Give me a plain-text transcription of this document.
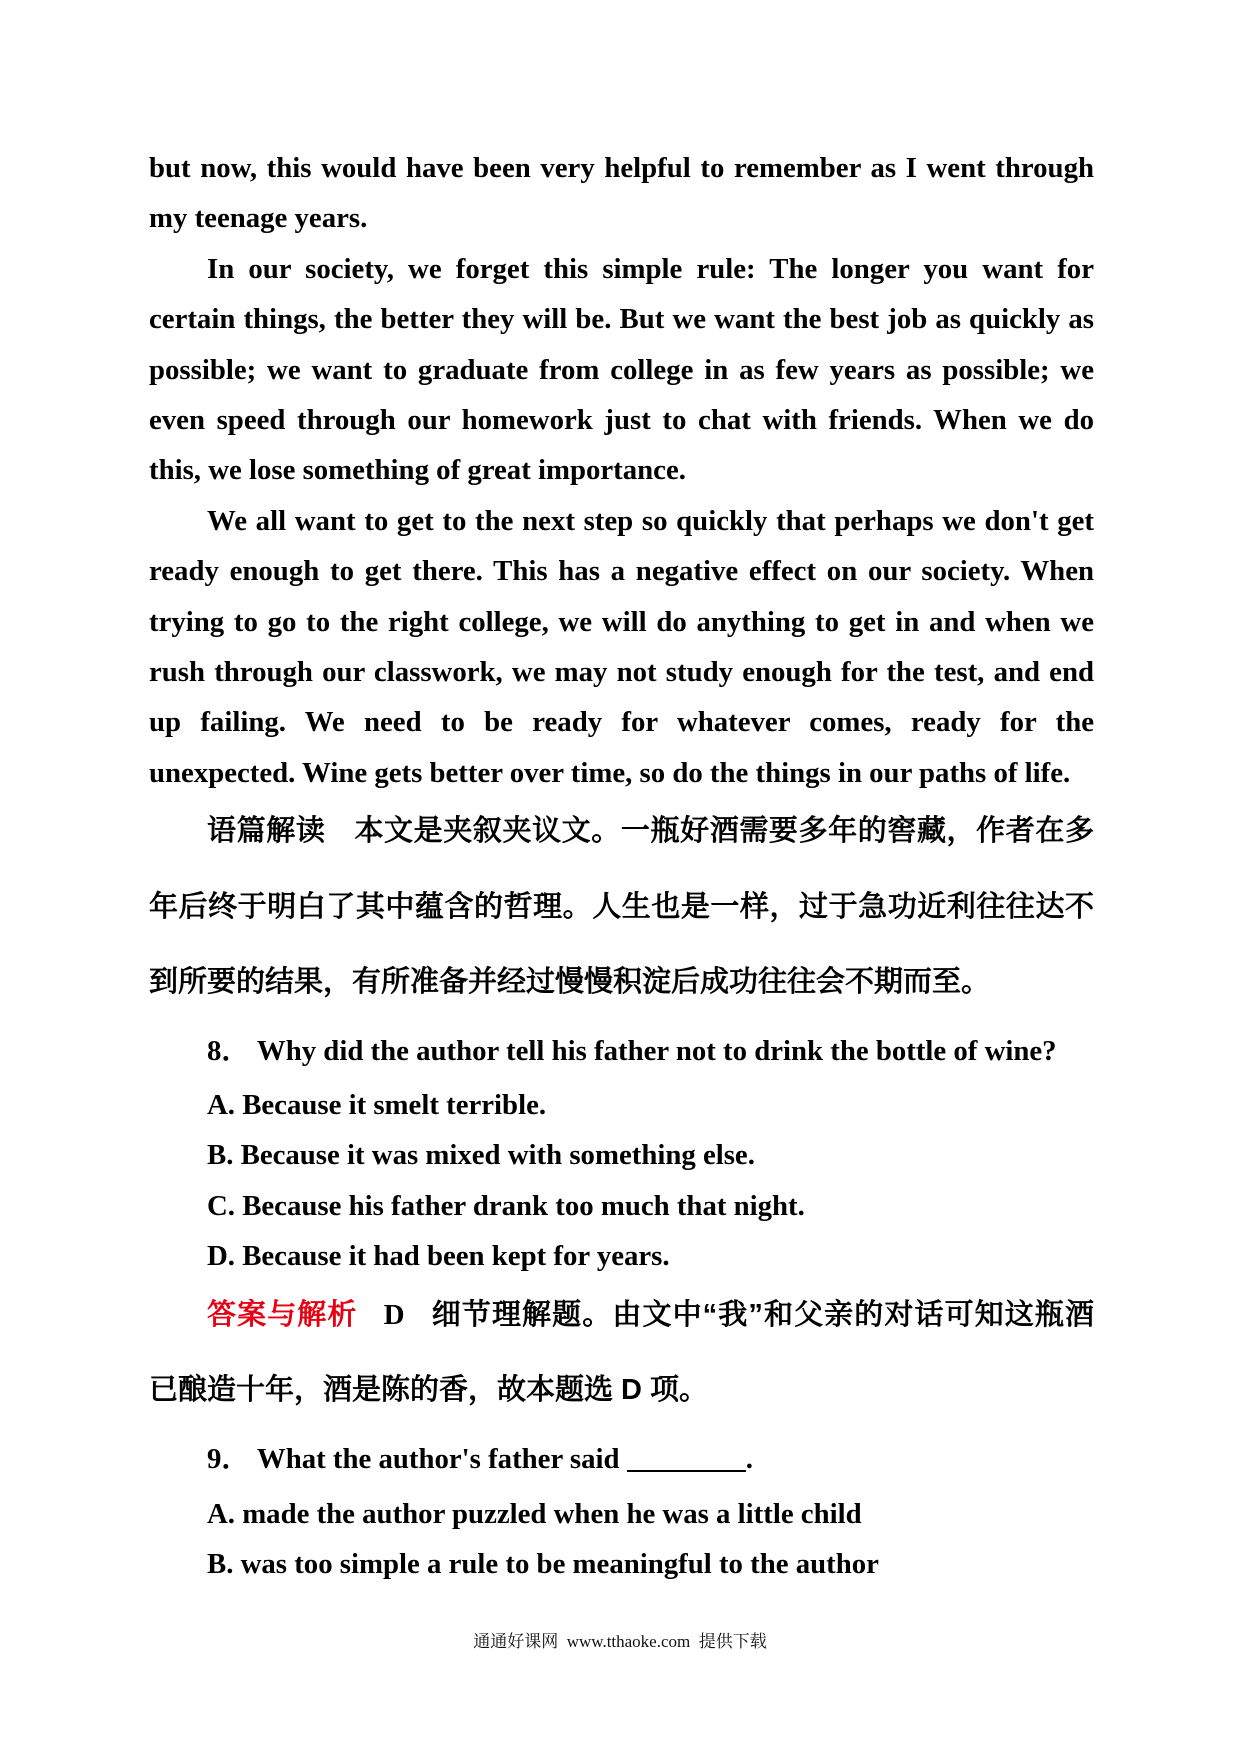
but now, this would have been very helpful to remember as I went through
my teenage years.
In our society, we forget this simple rule: The longer you want for
certain things, the better they will be. But we want the best job as quickly as
possible; we want to graduate from college in as few years as possible; we
even speed through our homework just to chat with friends. When we do
this, we lose something of great importance.
We all want to get to the next step so quickly that perhaps we don't get
ready enough to get there. This has a negative effect on our society. When
trying to go to the right college, we will do anything to get in and when we
rush through our classwork, we may not study enough for the test, and end
up failing. We need to be ready for whatever comes, ready for the
unexpected. Wine gets better over time, so do the things in our paths of life.
语篇解读 本文是夹叙夹议文。一瓶好酒需要多年的窖藏，作者在多
年后终于明白了其中蕴含的哲理。人生也是一样，过于急功近利往往达不
到所要的结果，有所准备并经过慢慢积淀后成功往往会不期而至。
8． Why did the author tell his father not to drink the bottle of wine?
A. Because it smelt terrible.
B. Because it was mixed with something else.
C. Because his father drank too much that night.
D. Because it had been kept for years.
答案与解析 D 细节理解题。由文中“我”和父亲的对话可知这瓶酒
已酿造十年，酒是陈的香，故本题选 D 项。
9． What the author's father said	.
A. made the author puzzled when he was a little child
B. was too simple a rule to be meaningful to the author
通通好课网  www.tthaoke.com  提供下载
